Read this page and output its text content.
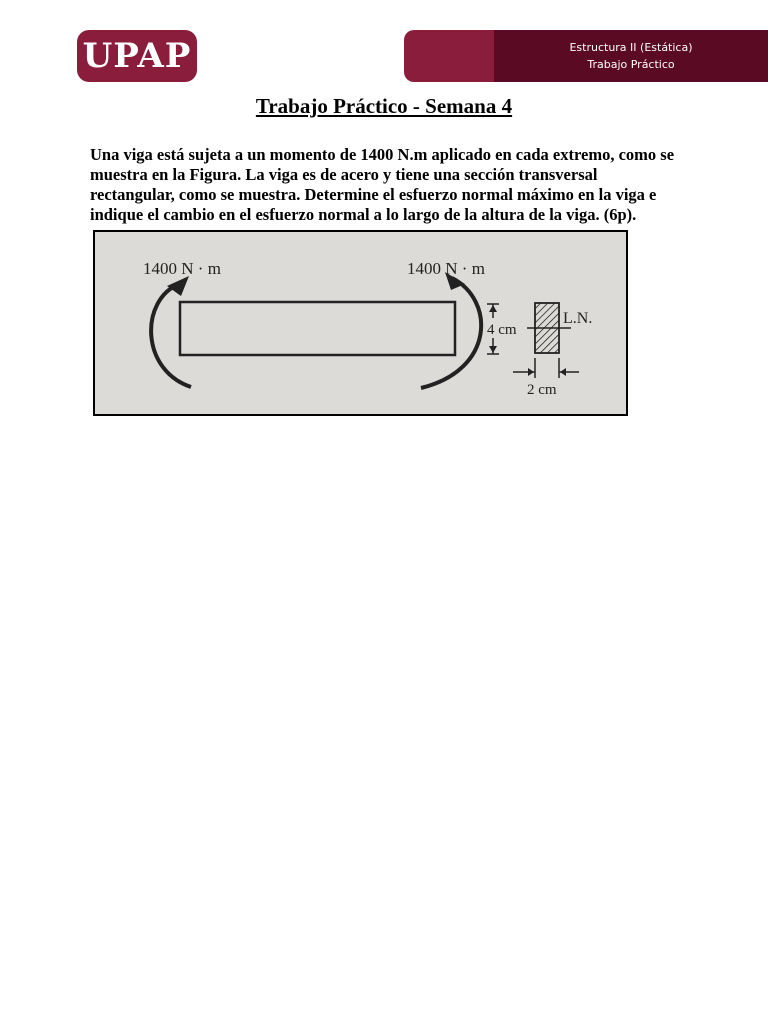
UPAP	Estructura II (Estática)
Trabajo Práctico
Trabajo Práctico - Semana 4

Una viga está sujeta a un momento de 1400 N.m aplicado en cada extremo, como se muestra en la Figura. La viga es de acero y tiene una sección transversal rectangular, como se muestra. Determine el esfuerzo normal máximo en la viga e indique el cambio en el esfuerzo normal a lo largo de la altura de la viga. (6p).

1400 N · m	1400 N · m
4 cm
L.N.
2 cm
